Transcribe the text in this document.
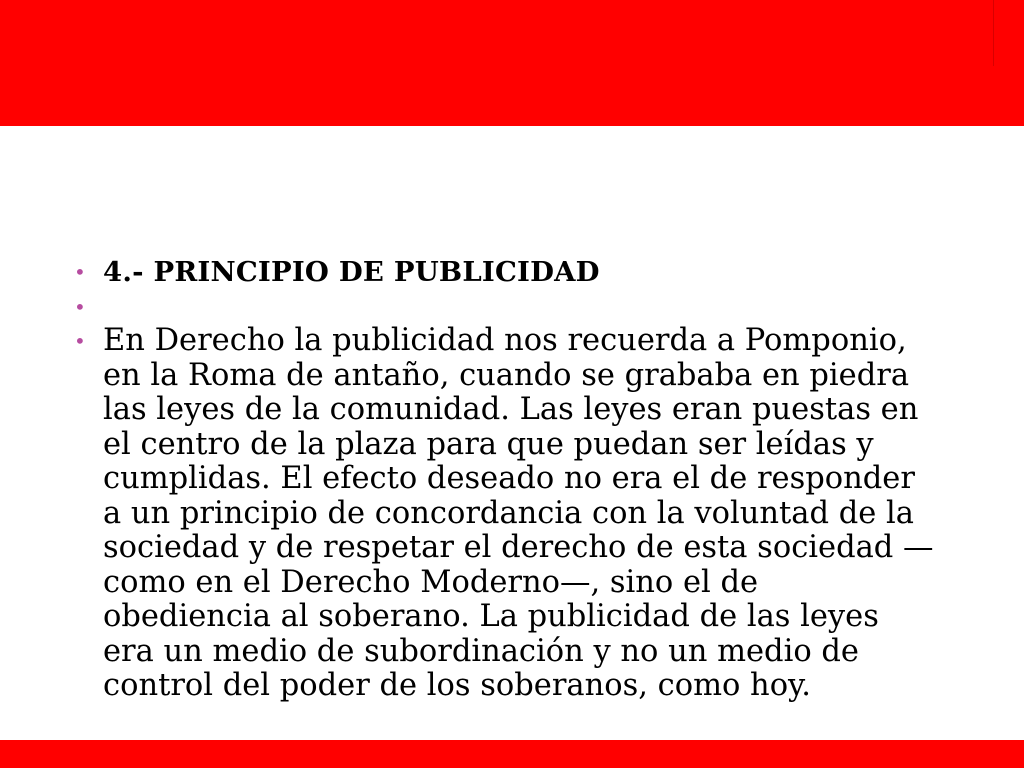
• 4.- PRINCIPIO DE PUBLICIDAD
•
• En Derecho la publicidad nos recuerda a Pomponio,
en la Roma de antaño, cuando se grababa en piedra
las leyes de la comunidad. Las leyes eran puestas en
el centro de la plaza para que puedan ser leídas y
cumplidas. El efecto deseado no era el de responder
a un principio de concordancia con la voluntad de la
sociedad y de respetar el derecho de esta sociedad —
como en el Derecho Moderno—, sino el de
obediencia al soberano. La publicidad de las leyes
era un medio de subordinación y no un medio de
control del poder de los soberanos, como hoy.
